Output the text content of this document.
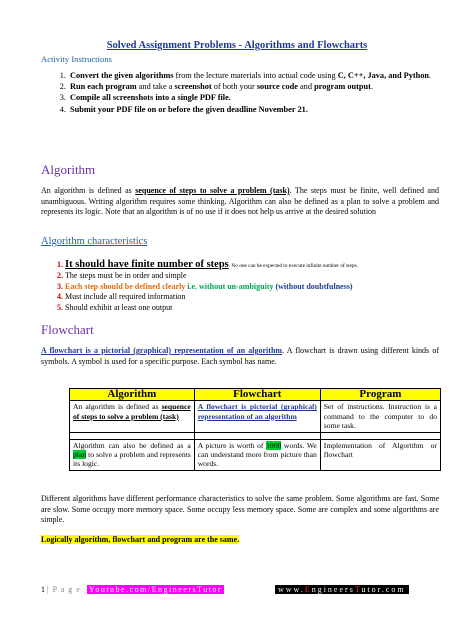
Solved Assignment Problems - Algorithms and Flowcharts
Activity Instructions
1. Convert the given algorithms from the lecture materials into actual code using C, C++, Java, and Python.
2. Run each program and take a screenshot of both your source code and program output.
3. Compile all screenshots into a single PDF file.
4. Submit your PDF file on or before the given deadline November 21.
Algorithm

An algorithm is defined as sequence of steps to solve a problem (task). The steps must be finite, well defined and unambiguous. Writing algorithm requires some thinking. Algorithm can also be defined as a plan to solve a problem and represents its logic. Note that an algorithm is of no use if it does not help us arrive at the desired solution

Algorithm characteristics
1. It should have finite number of steps. No one can be expected to execute infinite number of steps.
2. The steps must be in order and simple
3. Each step should be defined clearly i.e. without un-ambiguity (without doubtfulness)
4. Must include all required information
5. Should exhibit at least one output
Flowchart

A flowchart is a pictorial (graphical) representation of an algorithm. A flowchart is drawn using different kinds of symbols. A symbol is used for a specific purpose. Each symbol has name.

Algorithm	Flowchart	Program
An algorithm is defined as sequence of steps to solve a problem (task)	A flowchart is pictorial (graphical) representation of an algorithm	Set of instructions. Instruction is a command to the computer to do some task.

Algorithm can also be defined as a plan to solve a problem and represents its logic.	A picture is worth of 1000 words. We can understand more from picture than words.	Implementation of Algorithm or flowchart

Different algorithms have different performance characteristics to solve the same problem. Some algorithms are fast. Some are slow. Some occupy more memory space. Some occupy less memory space. Some are complex and some algorithms are simple.

Logically algorithm, flowchart and program are the same.
1 | P a g e Youtube.com/EngineersTutor	www.EngineersTutor.com
